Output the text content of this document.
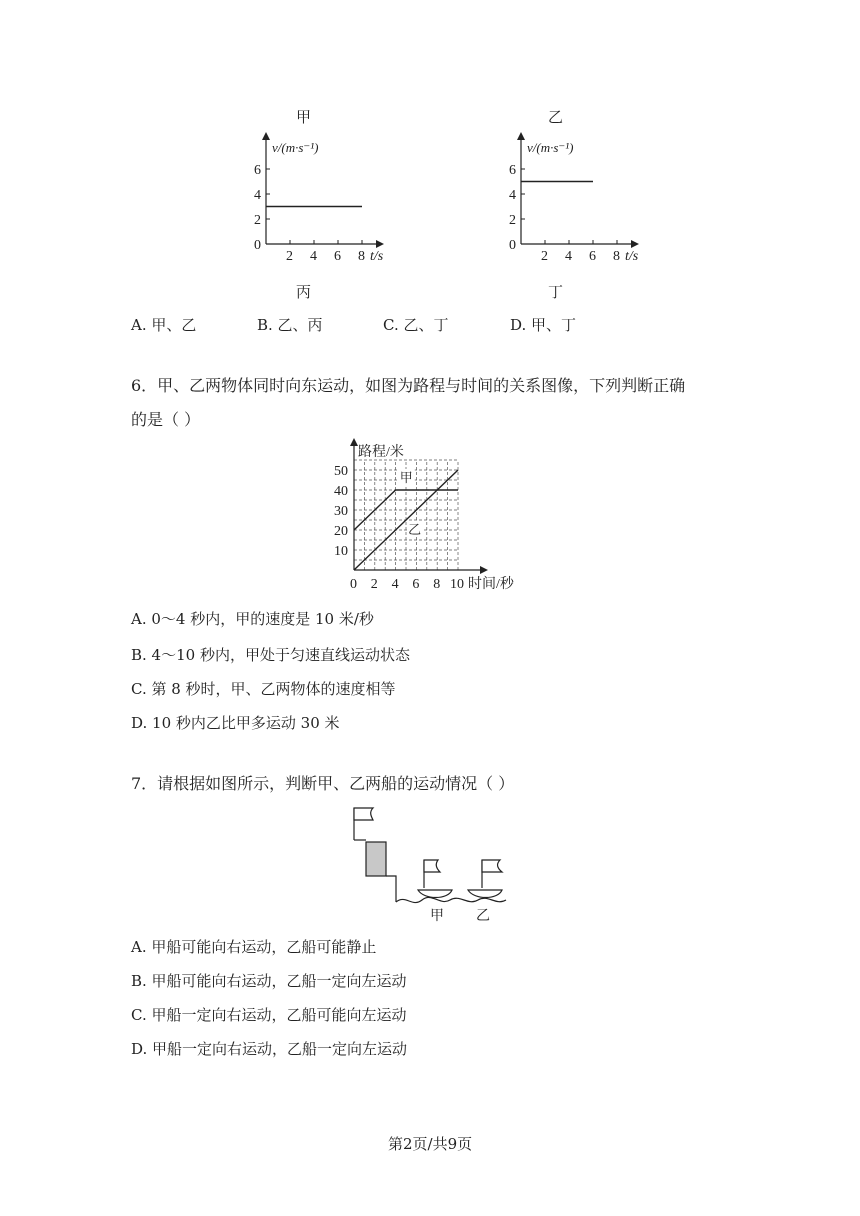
甲	乙
0
2
4
6
2 4 6 8 t/s
v/(m·s⁻¹)
0
2
4
6
2 4 6 8 t/s
v/(m·s⁻¹)
丙	丁
A. 甲、乙	B. 乙、丙	C. 乙、丁	D. 甲、丁
6．甲、乙两物体同时向东运动，如图为路程与时间的关系图像，下列判断正确
的是（ ）
10
20
30
40
50
0 2 4 6 8 10
路程/米
时间/秒
甲
乙
A. 0～4 秒内，甲的速度是 10 米/秒
B. 4～10 秒内，甲处于匀速直线运动状态
C. 第 8 秒时，甲、乙两物体的速度相等
D. 10 秒内乙比甲多运动 30 米
7．请根据如图所示，判断甲、乙两船的运动情况（ ）
甲 乙
A. 甲船可能向右运动，乙船可能静止
B. 甲船可能向右运动，乙船一定向左运动
C. 甲船一定向右运动，乙船可能向左运动
D. 甲船一定向右运动，乙船一定向左运动
第2页/共9页
